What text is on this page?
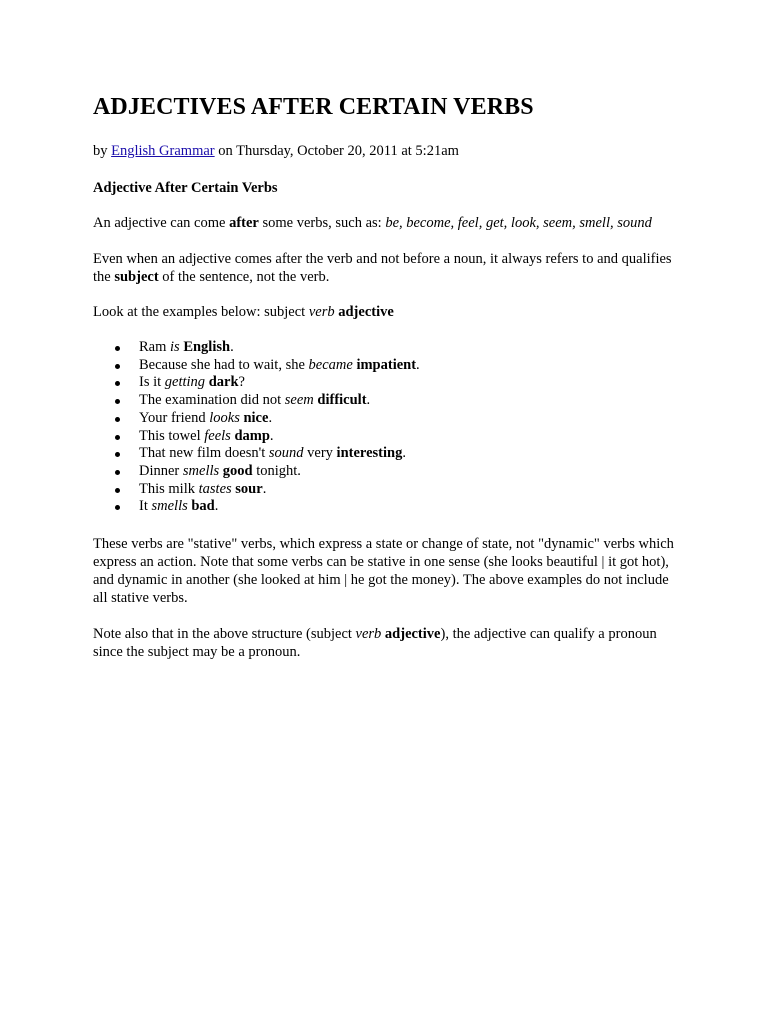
ADJECTIVES AFTER CERTAIN VERBS

by English Grammar on Thursday, October 20, 2011 at 5:21am

Adjective After Certain Verbs

An adjective can come after some verbs, such as: be, become, feel, get, look, seem, smell, sound

Even when an adjective comes after the verb and not before a noun, it always refers to and qualifies the subject of the sentence, not the verb.

Look at the examples below: subject verb adjective

Ram is English.
Because she had to wait, she became impatient.
Is it getting dark?
The examination did not seem difficult.
Your friend looks nice.
This towel feels damp.
That new film doesn't sound very interesting.
Dinner smells good tonight.
This milk tastes sour.
It smells bad.

These verbs are "stative" verbs, which express a state or change of state, not "dynamic" verbs which express an action. Note that some verbs can be stative in one sense (she looks beautiful | it got hot), and dynamic in another (she looked at him | he got the money). The above examples do not include all stative verbs.

Note also that in the above structure (subject verb adjective), the adjective can qualify a pronoun since the subject may be a pronoun.
